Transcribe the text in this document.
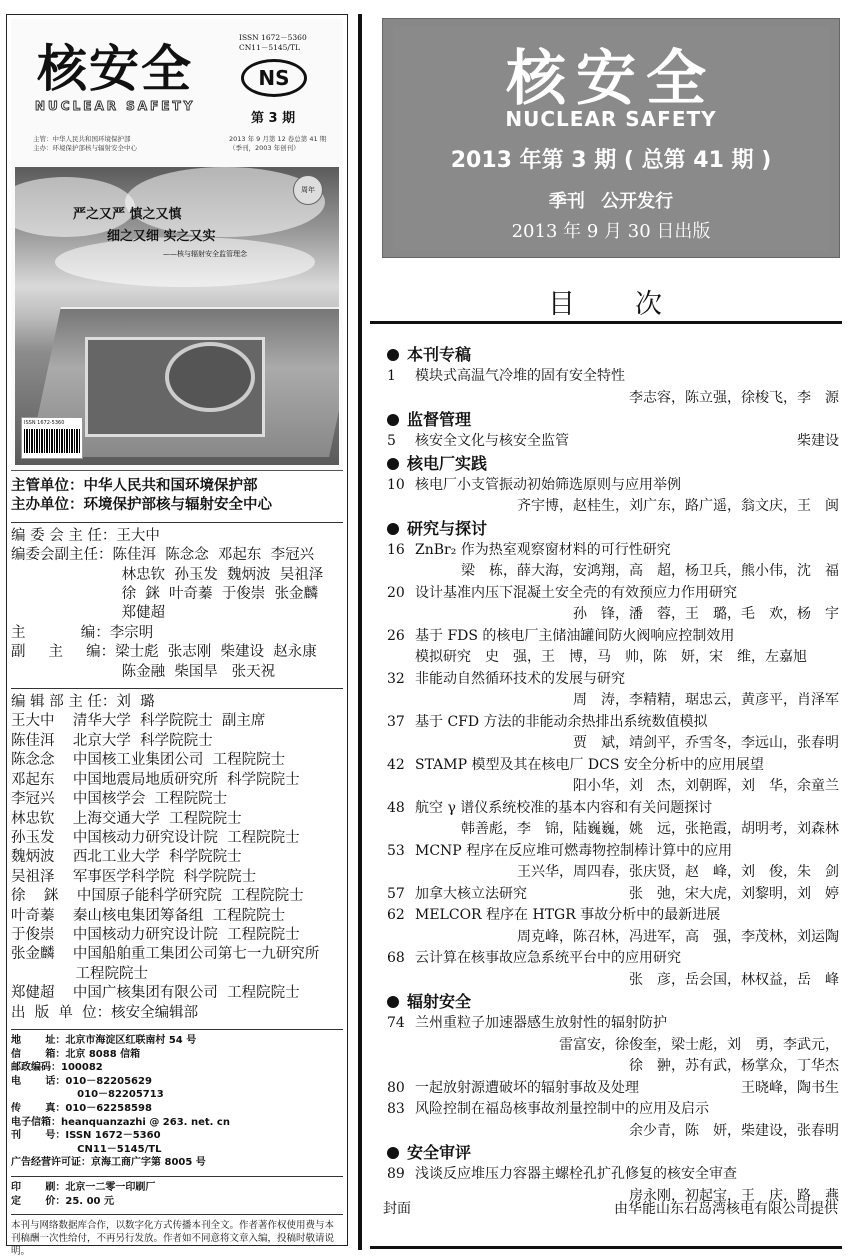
核安全
NUCLEAR SAFETY
ISSN 1672－5360
CN11－5145/TL
NS
第 3 期
主管：中华人民共和国环境保护部
主办：环境保护部核与辐射安全中心
2013 年 9 月第 12 卷总第 41 期
（季刊，2003 年创刊）
严之又严 慎之又慎
细之又细 实之又实
——核与辐射安全监管理念
周年
ISSN 1672-5360
主管单位：中华人民共和国环境保护部
主办单位：环境保护部核与辐射安全中心
编 委 会 主 任：王大中
编委会副主任：陈佳洱  陈念念  邓起东  李冠兴
林忠钦  孙玉发  魏炳波  吴祖泽
徐  銤  叶奇蓁  于俊崇  张金麟
郑健超
主            编：李宗明
副     主     编：梁士彪  张志刚  柴建设  赵永康
陈金融  柴国旱   张天祝
编 辑 部 主 任：刘  璐
王大中    清华大学  科学院院士  副主席
陈佳洱    北京大学  科学院院士
陈念念    中国核工业集团公司  工程院院士
邓起东    中国地震局地质研究所  科学院院士
李冠兴    中国核学会  工程院院士
林忠钦    上海交通大学  工程院院士
孙玉发    中国核动力研究设计院  工程院院士
魏炳波    西北工业大学  科学院院士
吴祖泽    军事医学科学院  科学院院士
徐    銤    中国原子能科学研究院  工程院院士
叶奇蓁    秦山核电集团筹备组  工程院院士
于俊崇    中国核动力研究设计院  工程院院士
张金麟    中国船舶重工集团公司第七一九研究所
工程院院士
郑健超    中国广核集团有限公司  工程院院士
出  版  单  位：核安全编辑部
地       址：北京市海淀区红联南村 54 号
信       箱：北京 8088 信箱
邮政编码：100082
电       话：010－82205629
010－82205713
传       真：010－62258598
电子信箱：heanquanzazhi @ 263. net. cn
刊       号：ISSN 1672－5360
CN11－5145/TL
广告经营许可证：京海工商广字第 8005 号
印       刷：北京一二零一印刷厂
定       价：25. 00 元
本刊与网络数据库合作，以数字化方式传播本刊全文。作者著作权使用费与本刊稿酬一次性给付，不再另行发放。作者如不同意将文章入编，投稿时敬请说明。
核安全
NUCLEAR SAFETY
2013 年第 3 期 ( 总第 41 期 )
季刊 公开发行
2013 年 9 月 30 日出版
目次
本刊专稿
1 模块式高温气冷堆的固有安全特性
李志容，陈立强，徐梭飞，李　源
监督管理
5 核安全文化与核安全监管	柴建设
核电厂实践
10 核电厂小支管振动初始筛选原则与应用举例
齐宇博，赵桂生，刘广东，路广遥，翁文庆，王　闽
研究与探讨
16 ZnBr₂ 作为热室观察窗材料的可行性研究
梁　栋，薛大海，安鸿翔，高　超，杨卫兵，熊小伟，沈　福
20 设计基准内压下混凝土安全壳的有效预应力作用研究
孙　锋，潘　蓉，王　璐，毛　欢，杨　宇
26 基于 FDS 的核电厂主储油罐间防火阀响应控制效用
模拟研究　史　强，王　博，马　帅，陈　妍，宋　维，左嘉旭
32 非能动自然循环技术的发展与研究
周　涛，李精精，琚忠云，黄彦平，肖泽军
37 基于 CFD 方法的非能动余热排出系统数值模拟
贾　斌，靖剑平，乔雪冬，李远山，张春明
42 STAMP 模型及其在核电厂 DCS 安全分析中的应用展望
阳小华，刘　杰，刘朝晖，刘　华，余童兰
48 航空 γ 谱仪系统校准的基本内容和有关问题探讨
韩善彪，李　锦，陆巍巍，姚　远，张艳霞，胡明考，刘森林
53 MCNP 程序在反应堆可燃毒物控制棒计算中的应用
王兴华，周四春，张庆贤，赵　峰，刘　俊，朱　剑
57 加拿大核立法研究	张　弛，宋大虎，刘黎明，刘　婷
62 MELCOR 程序在 HTGR 事故分析中的最新进展
周克峰，陈召林，冯进军，高　强，李茂林，刘运陶
68 云计算在核事故应急系统平台中的应用研究
张　彦，岳会国，林权益，岳　峰
辐射安全
74 兰州重粒子加速器感生放射性的辐射防护
雷富安，徐俊奎，梁士彪，刘　勇，李武元，
徐　翀，苏有武，杨掌众，丁华杰
80 一起放射源遭破坏的辐射事故及处理	王晓峰，陶书生
83 风险控制在福岛核事故剂量控制中的应用及启示
余少青，陈　妍，柴建设，张春明
安全审评
89 浅谈反应堆压力容器主螺栓孔扩孔修复的核安全审查
房永刚，初起宝，王　庆，路　燕
封面	由华能山东石岛湾核电有限公司提供
